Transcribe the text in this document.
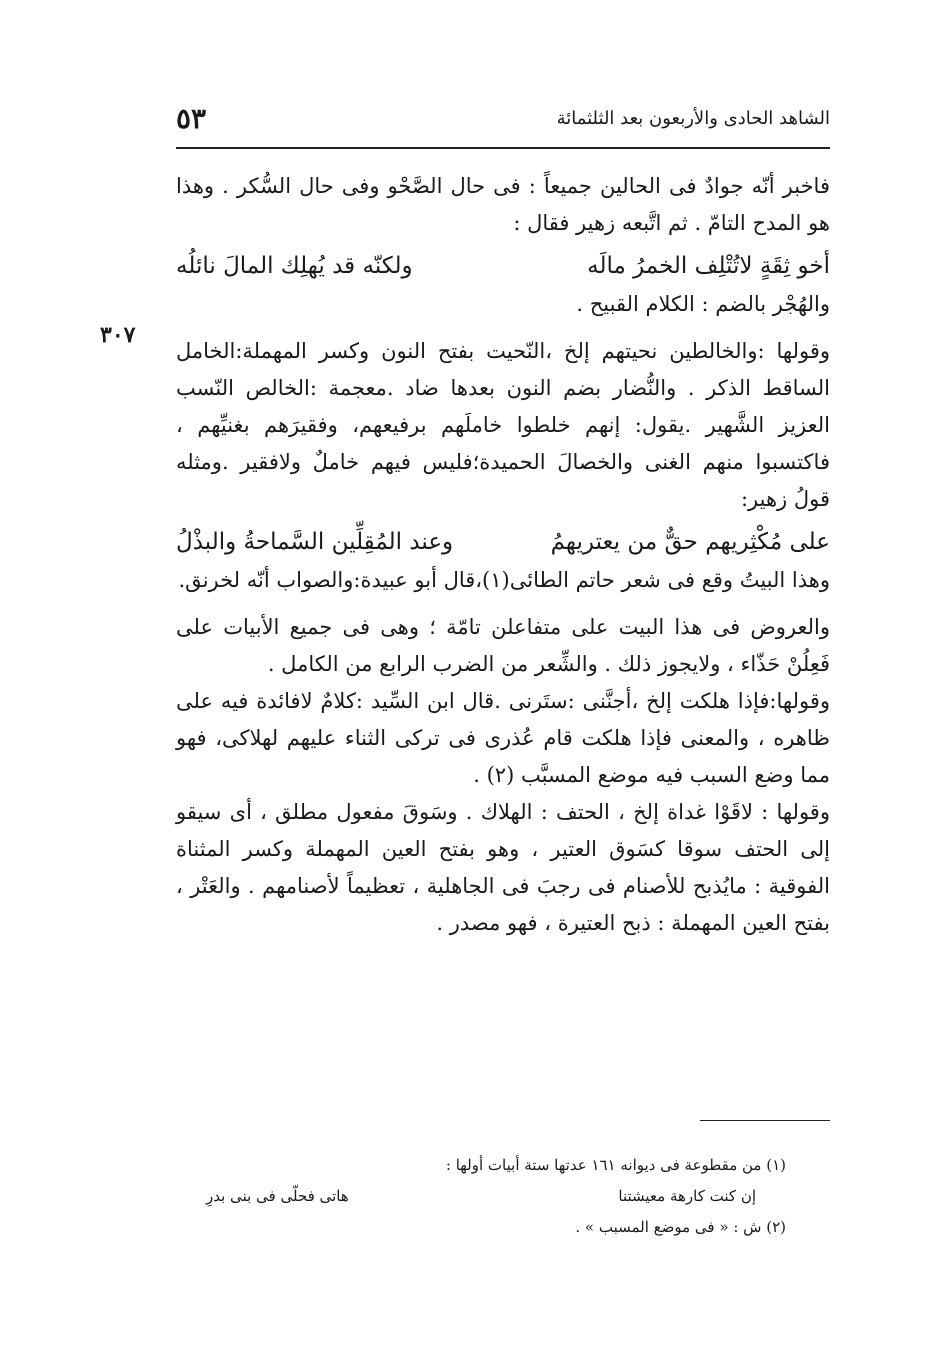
الشاهد الحادى والأربعون بعد الثلثمائة
٥٣
٣٠٧

فاخبر أنّه جوادٌ فى الحالين جميعاً : فى حال الصَّحْو وفى حال السُّكر . وهذا هو المدح التامّ . ثم اتَّبعه زهير فقال :

أخو ثِقَةٍ لاتُتْلِف الخمرُ مالَه
ولكنّه قد يُهلِك المالَ نائلُه

والهُجْر بالضم : الكلام القبيح .

وقولها :والخالطين نحيتهم إلخ ،النّحيت بفتح النون وكسر المهملة:الخامل الساقط الذكر . والنُّضار بضم النون بعدها ضاد .معجمة :الخالص النّسب العزيز الشَّهير .يقول: إنهم خلطوا خاملَهم برفيعهم، وفقيرَهم بغنيِّهم ، فاكتسبوا منهم الغنى والخصالَ الحميدة؛فليس فيهم خاملٌ ولافقير .ومثله قولُ زهير:

على مُكْثِريهم حقٌّ من يعتريهمُ
وعند المُقِلِّين السَّماحةُ والبذْلُ

وهذا البيتُ وقع فى شعر حاتم الطائى(١)،قال أبو عبيدة:والصواب أنّه لخرنق.

والعروض فى هذا البيت على متفاعلن تامّة ؛ وهى فى جميع الأبيات على فَعِلُنْ حَذّاء ، ولايجوز ذلك . والشِّعر من الضرب الرابع من الكامل .

وقولها:فإذا هلكت إلخ ،أجنَّنى :ستَرنى .قال ابن السِّيد :كلامٌ لافائدة فيه على ظاهره ، والمعنى فإذا هلكت قام عُذرى فى تركى الثناء عليهم لهلاكى، فهو مما وضع السبب فيه موضع المسبَّب (٢) .

وقولها : لاقَوْا غداة إلخ ، الحتف : الهلاك . وسَوقَ مفعول مطلق ، أى سيقو إلى الحتف سوقا كسَوق العتير ، وهو بفتح العين المهملة وكسر المثناة الفوقية : مايُذبح للأصنام فى رجبَ فى الجاهلية ، تعظيماً لأصنامهم . والعَتْر ، بفتح العين المهملة : ذبح العتيرة ، فهو مصدر .

(١) من مقطوعة فى ديوانه ١٦١ عدتها ستة أبيات أولها :

إن كنت كارهة معيشتنا
هاتى فحلّى فى بنى بدرِ

(٢) ش : « فى موضع المسبب » .
